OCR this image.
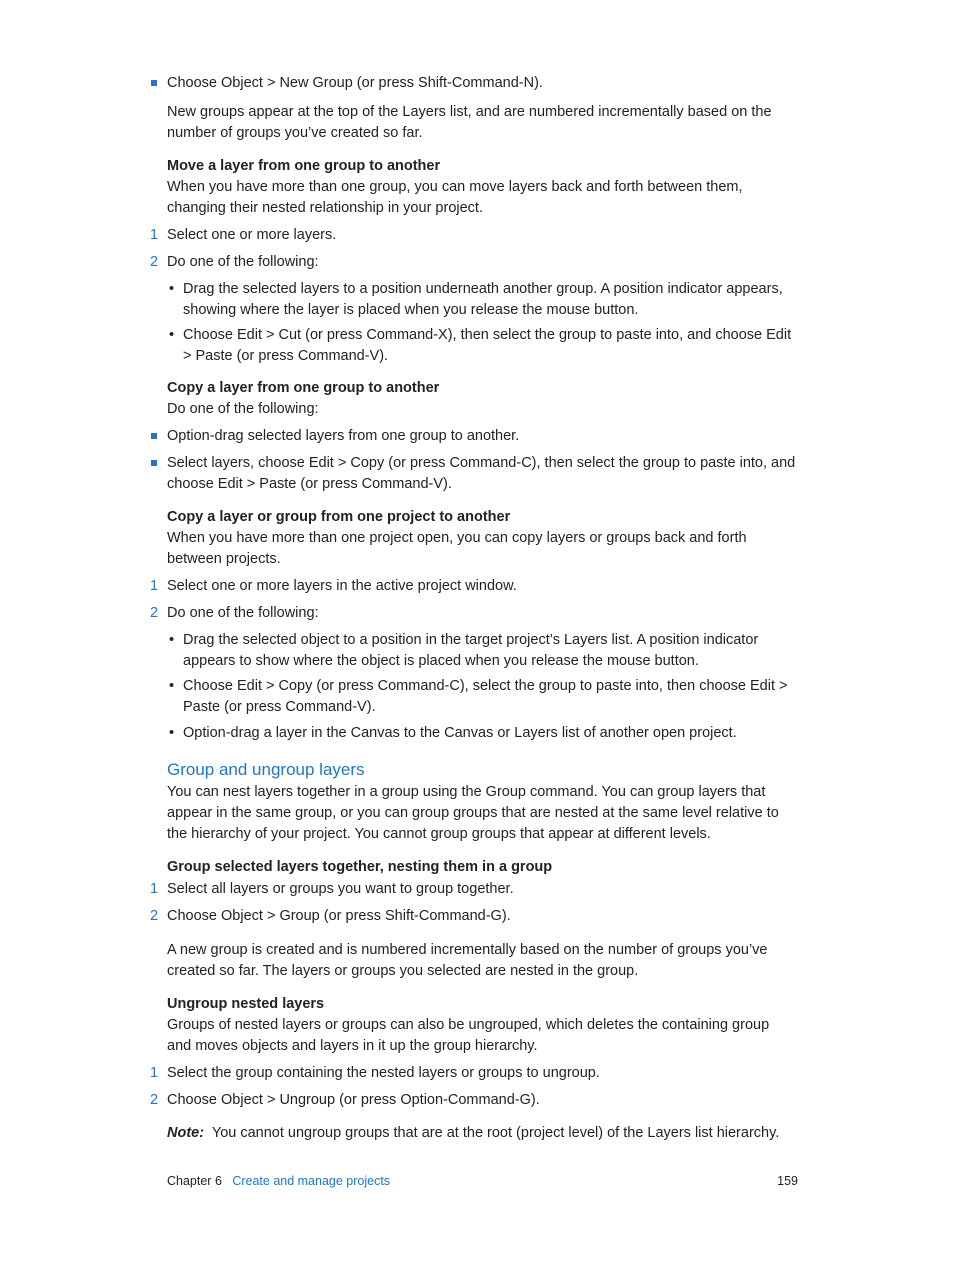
Choose Object > New Group (or press Shift-Command-N).
New groups appear at the top of the Layers list, and are numbered incrementally based on the number of groups you’ve created so far.
Move a layer from one group to another
When you have more than one group, you can move layers back and forth between them, changing their nested relationship in your project.
1 Select one or more layers.
2 Do one of the following:
• Drag the selected layers to a position underneath another group. A position indicator appears, showing where the layer is placed when you release the mouse button.
• Choose Edit > Cut (or press Command-X), then select the group to paste into, and choose Edit > Paste (or press Command-V).
Copy a layer from one group to another
Do one of the following:
Option-drag selected layers from one group to another.
Select layers, choose Edit > Copy (or press Command-C), then select the group to paste into, and choose Edit > Paste (or press Command-V).
Copy a layer or group from one project to another
When you have more than one project open, you can copy layers or groups back and forth between projects.
1 Select one or more layers in the active project window.
2 Do one of the following:
• Drag the selected object to a position in the target project’s Layers list. A position indicator appears to show where the object is placed when you release the mouse button.
• Choose Edit > Copy (or press Command-C), select the group to paste into, then choose Edit > Paste (or press Command-V).
• Option-drag a layer in the Canvas to the Canvas or Layers list of another open project.
Group and ungroup layers
You can nest layers together in a group using the Group command. You can group layers that appear in the same group, or you can group groups that are nested at the same level relative to the hierarchy of your project. You cannot group groups that appear at different levels.
Group selected layers together, nesting them in a group
1 Select all layers or groups you want to group together.
2 Choose Object > Group (or press Shift-Command-G).
A new group is created and is numbered incrementally based on the number of groups you’ve created so far. The layers or groups you selected are nested in the group.
Ungroup nested layers
Groups of nested layers or groups can also be ungrouped, which deletes the containing group and moves objects and layers in it up the group hierarchy.
1 Select the group containing the nested layers or groups to ungroup.
2 Choose Object > Ungroup (or press Option-Command-G).
Note: You cannot ungroup groups that are at the root (project level) of the Layers list hierarchy.
Chapter 6 Create and manage projects	159
